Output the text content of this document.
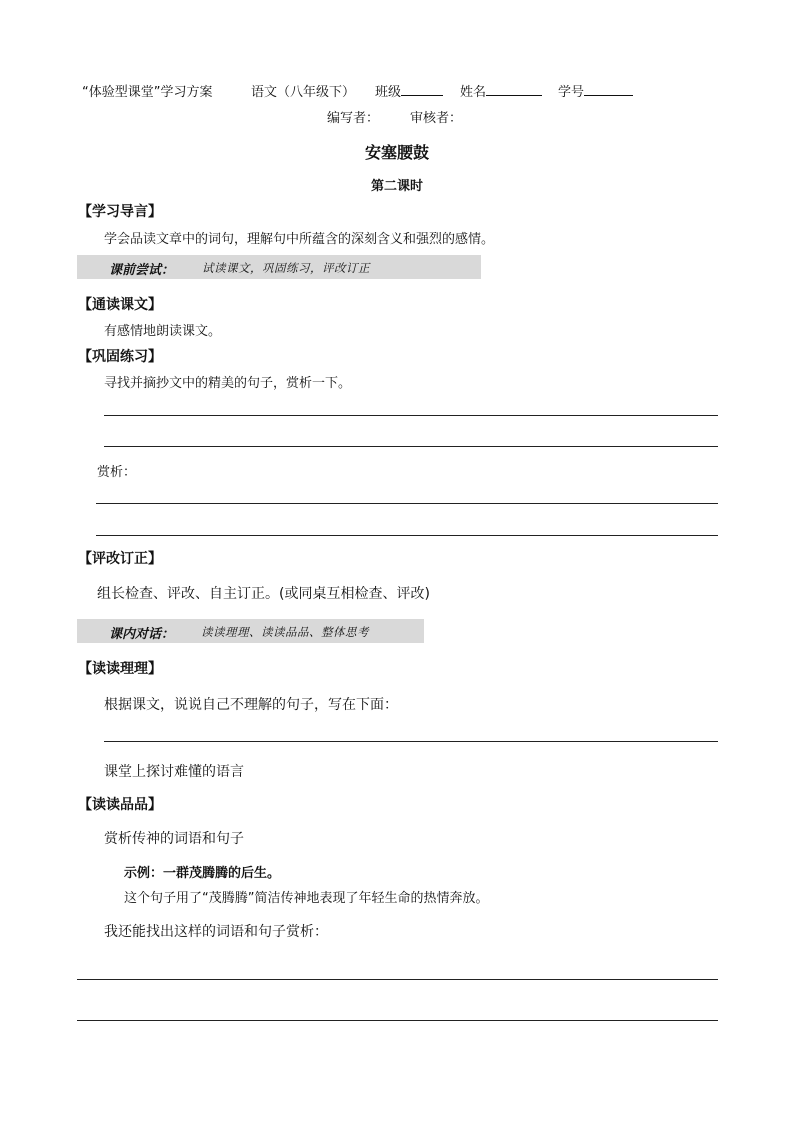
“体验型课堂”学习方案	语文（八年级下） 班级	姓名	学号
编写者： 审核者：
安塞腰鼓
第二课时
【学习导言】
学会品读文章中的词句，理解句中所蕴含的深刻含义和强烈的感情。
课前尝试： 试读课文，巩固练习，评改订正
【通读课文】
有感情地朗读课文。
【巩固练习】
寻找并摘抄文中的精美的句子，赏析一下。
赏析：
【评改订正】
组长检查、评改、自主订正。(或同桌互相检查、评改)
课内对话： 读读理理、读读品品、整体思考
【读读理理】
根据课文，说说自己不理解的句子，写在下面：
课堂上探讨难懂的语言
【读读品品】
赏析传神的词语和句子
示例：一群茂腾腾的后生。
这个句子用了“茂腾腾”简洁传神地表现了年轻生命的热情奔放。
我还能找出这样的词语和句子赏析：
